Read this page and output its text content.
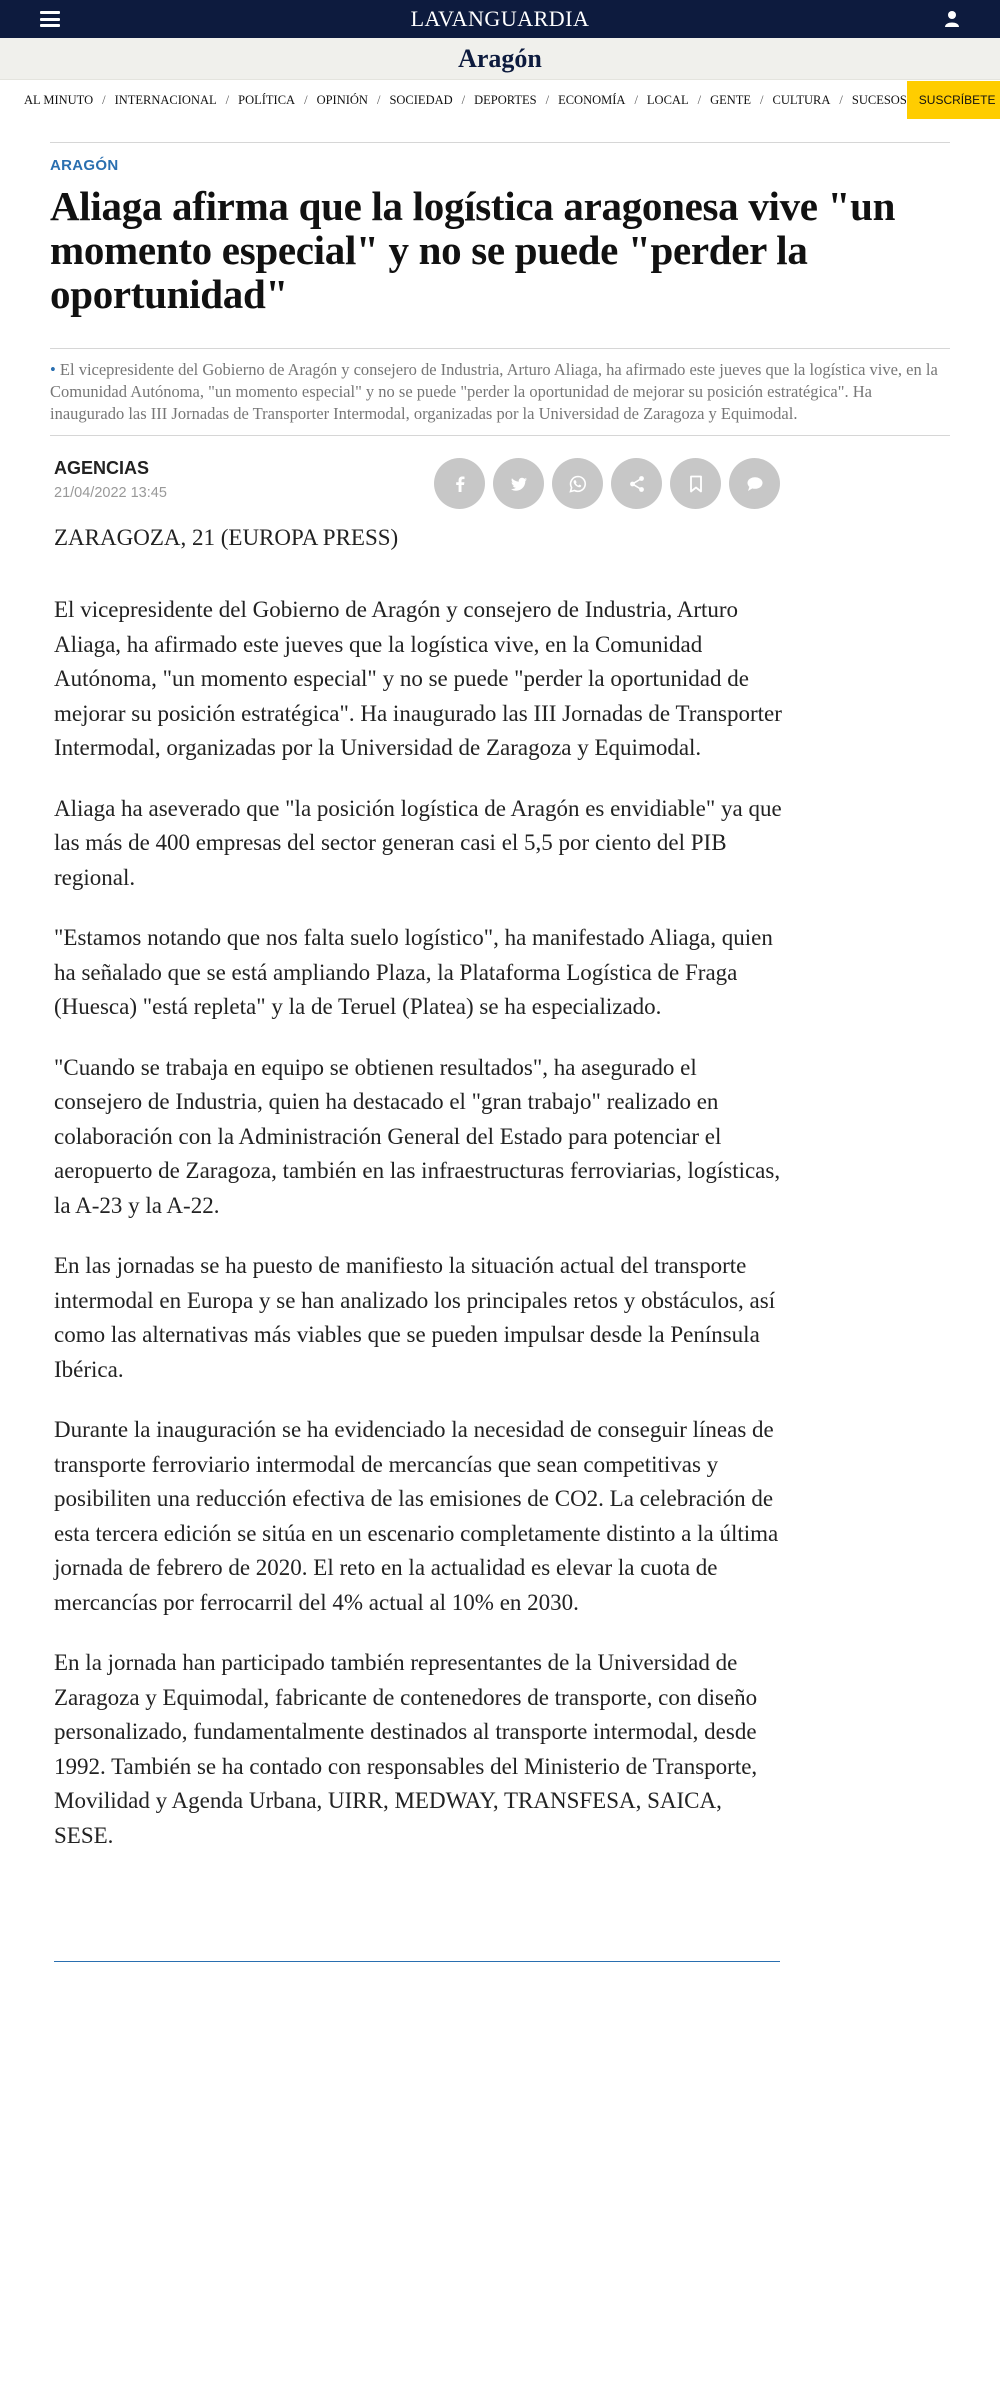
LAVANGUARDIA
Aragón
AL MINUTO / INTERNACIONAL / POLÍTICA / OPINIÓN / SOCIEDAD / DEPORTES / ECONOMÍA / LOCAL / GENTE / CULTURA / SUCESOS	SUSCRÍBETE
ARAGÓN
Aliaga afirma que la logística aragonesa vive "un momento especial" y no se puede "perder la oportunidad"

• El vicepresidente del Gobierno de Aragón y consejero de Industria, Arturo Aliaga, ha afirmado este jueves que la logística vive, en la Comunidad Autónoma, "un momento especial" y no se puede "perder la oportunidad de mejorar su posición estratégica". Ha inaugurado las III Jornadas de Transporter Intermodal, organizadas por la Universidad de Zaragoza y Equimodal.

AGENCIAS
21/04/2022 13:45

ZARAGOZA, 21 (EUROPA PRESS)

El vicepresidente del Gobierno de Aragón y consejero de Industria, Arturo Aliaga, ha afirmado este jueves que la logística vive, en la Comunidad Autónoma, "un momento especial" y no se puede "perder la oportunidad de mejorar su posición estratégica". Ha inaugurado las III Jornadas de Transporter Intermodal, organizadas por la Universidad de Zaragoza y Equimodal.

Aliaga ha aseverado que "la posición logística de Aragón es envidiable" ya que las más de 400 empresas del sector generan casi el 5,5 por ciento del PIB regional.

"Estamos notando que nos falta suelo logístico", ha manifestado Aliaga, quien ha señalado que se está ampliando Plaza, la Plataforma Logística de Fraga (Huesca) "está repleta" y la de Teruel (Platea) se ha especializado.

"Cuando se trabaja en equipo se obtienen resultados", ha asegurado el consejero de Industria, quien ha destacado el "gran trabajo" realizado en colaboración con la Administración General del Estado para potenciar el aeropuerto de Zaragoza, también en las infraestructuras ferroviarias, logísticas, la A-23 y la A-22.

En las jornadas se ha puesto de manifiesto la situación actual del transporte intermodal en Europa y se han analizado los principales retos y obstáculos, así como las alternativas más viables que se pueden impulsar desde la Península Ibérica.

Durante la inauguración se ha evidenciado la necesidad de conseguir líneas de transporte ferroviario intermodal de mercancías que sean competitivas y posibiliten una reducción efectiva de las emisiones de CO2. La celebración de esta tercera edición se sitúa en un escenario completamente distinto a la última jornada de febrero de 2020. El reto en la actualidad es elevar la cuota de mercancías por ferrocarril del 4% actual al 10% en 2030.

En la jornada han participado también representantes de la Universidad de Zaragoza y Equimodal, fabricante de contenedores de transporte, con diseño personalizado, fundamentalmente destinados al transporte intermodal, desde 1992. También se ha contado con responsables del Ministerio de Transporte, Movilidad y Agenda Urbana, UIRR, MEDWAY, TRANSFESA, SAICA, SESE.
